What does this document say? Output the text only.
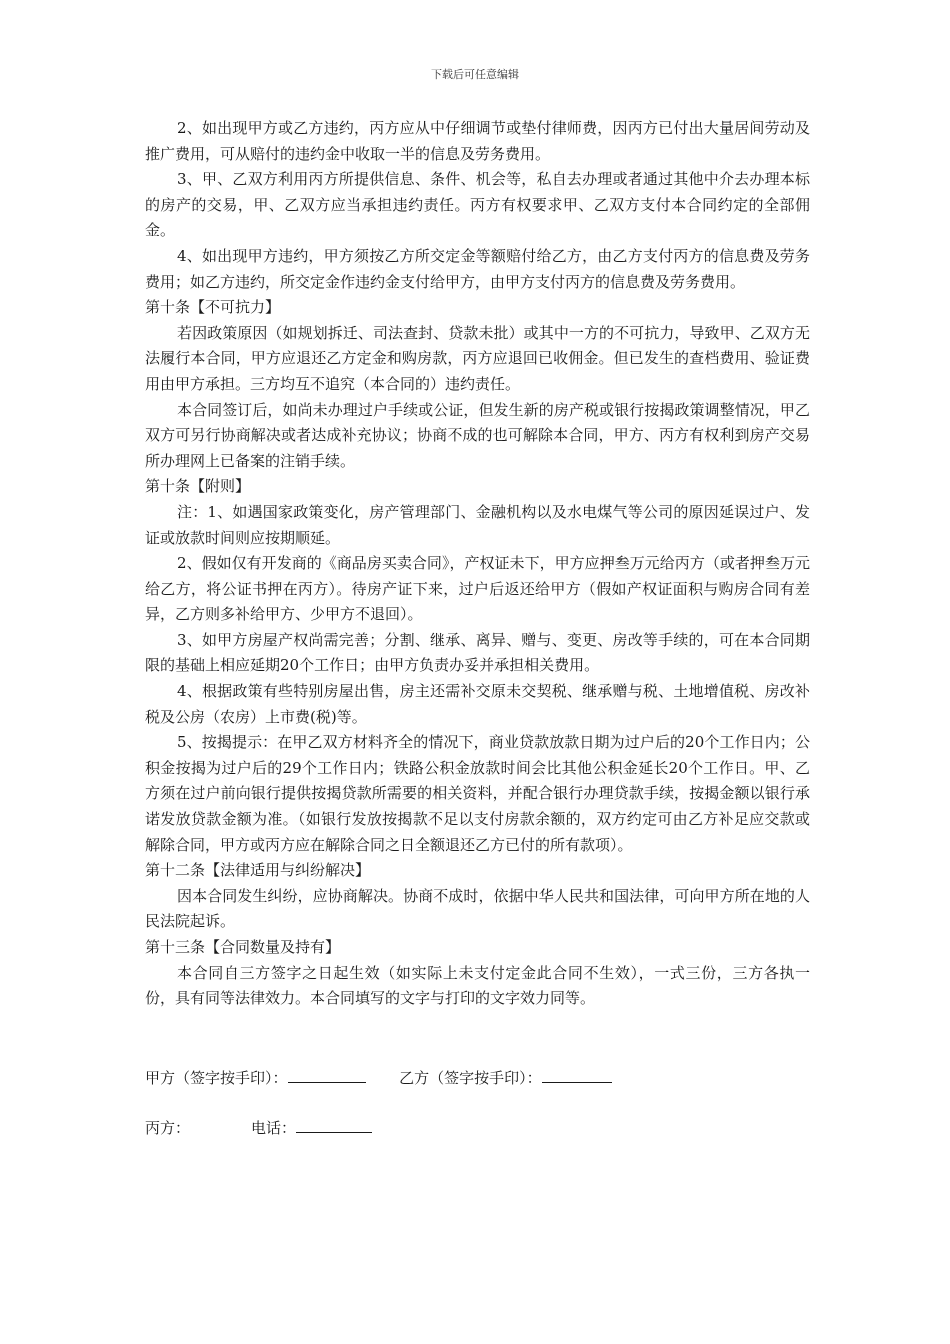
下载后可任意编辑

2、如出现甲方或乙方违约，丙方应从中仔细调节或垫付律师费，因丙方已付出大量居间劳动及推广费用，可从赔付的违约金中收取一半的信息及劳务费用。

3、甲、乙双方利用丙方所提供信息、条件、机会等，私自去办理或者通过其他中介去办理本标的房产的交易，甲、乙双方应当承担违约责任。丙方有权要求甲、乙双方支付本合同约定的全部佣金。

4、如出现甲方违约，甲方须按乙方所交定金等额赔付给乙方，由乙方支付丙方的信息费及劳务费用；如乙方违约，所交定金作违约金支付给甲方，由甲方支付丙方的信息费及劳务费用。

第十条【不可抗力】

若因政策原因（如规划拆迁、司法查封、贷款未批）或其中一方的不可抗力，导致甲、乙双方无法履行本合同，甲方应退还乙方定金和购房款，丙方应退回已收佣金。但已发生的查档费用、验证费用由甲方承担。三方均互不追究（本合同的）违约责任。

本合同签订后，如尚未办理过户手续或公证，但发生新的房产税或银行按揭政策调整情况，甲乙双方可另行协商解决或者达成补充协议；协商不成的也可解除本合同，甲方、丙方有权利到房产交易所办理网上已备案的注销手续。

第十条【附则】

注：1、如遇国家政策变化，房产管理部门、金融机构以及水电煤气等公司的原因延误过户、发证或放款时间则应按期顺延。

2、假如仅有开发商的《商品房买卖合同》，产权证未下，甲方应押叁万元给丙方（或者押叁万元给乙方，将公证书押在丙方）。待房产证下来，过户后返还给甲方（假如产权证面积与购房合同有差异，乙方则多补给甲方、少甲方不退回）。

3、如甲方房屋产权尚需完善；分割、继承、离异、赠与、变更、房改等手续的，可在本合同期限的基础上相应延期20个工作日；由甲方负责办妥并承担相关费用。

4、根据政策有些特别房屋出售，房主还需补交原未交契税、继承赠与税、土地增值税、房改补税及公房（农房）上市费(税)等。

5、按揭提示：在甲乙双方材料齐全的情况下，商业贷款放款日期为过户后的20个工作日内；公积金按揭为过户后的29个工作日内；铁路公积金放款时间会比其他公积金延长20个工作日。甲、乙方须在过户前向银行提供按揭贷款所需要的相关资料，并配合银行办理贷款手续，按揭金额以银行承诺发放贷款金额为准。（如银行发放按揭款不足以支付房款余额的，双方约定可由乙方补足应交款或解除合同，甲方或丙方应在解除合同之日全额退还乙方已付的所有款项）。

第十二条【法律适用与纠纷解决】

因本合同发生纠纷，应协商解决。协商不成时，依据中华人民共和国法律，可向甲方所在地的人民法院起诉。

第十三条【合同数量及持有】

本合同自三方签字之日起生效（如实际上未支付定金此合同不生效），一式三份，三方各执一份，具有同等法律效力。本合同填写的文字与打印的文字效力同等。

甲方（签字按手印）：	乙方（签字按手印）：
丙方：	电话：
